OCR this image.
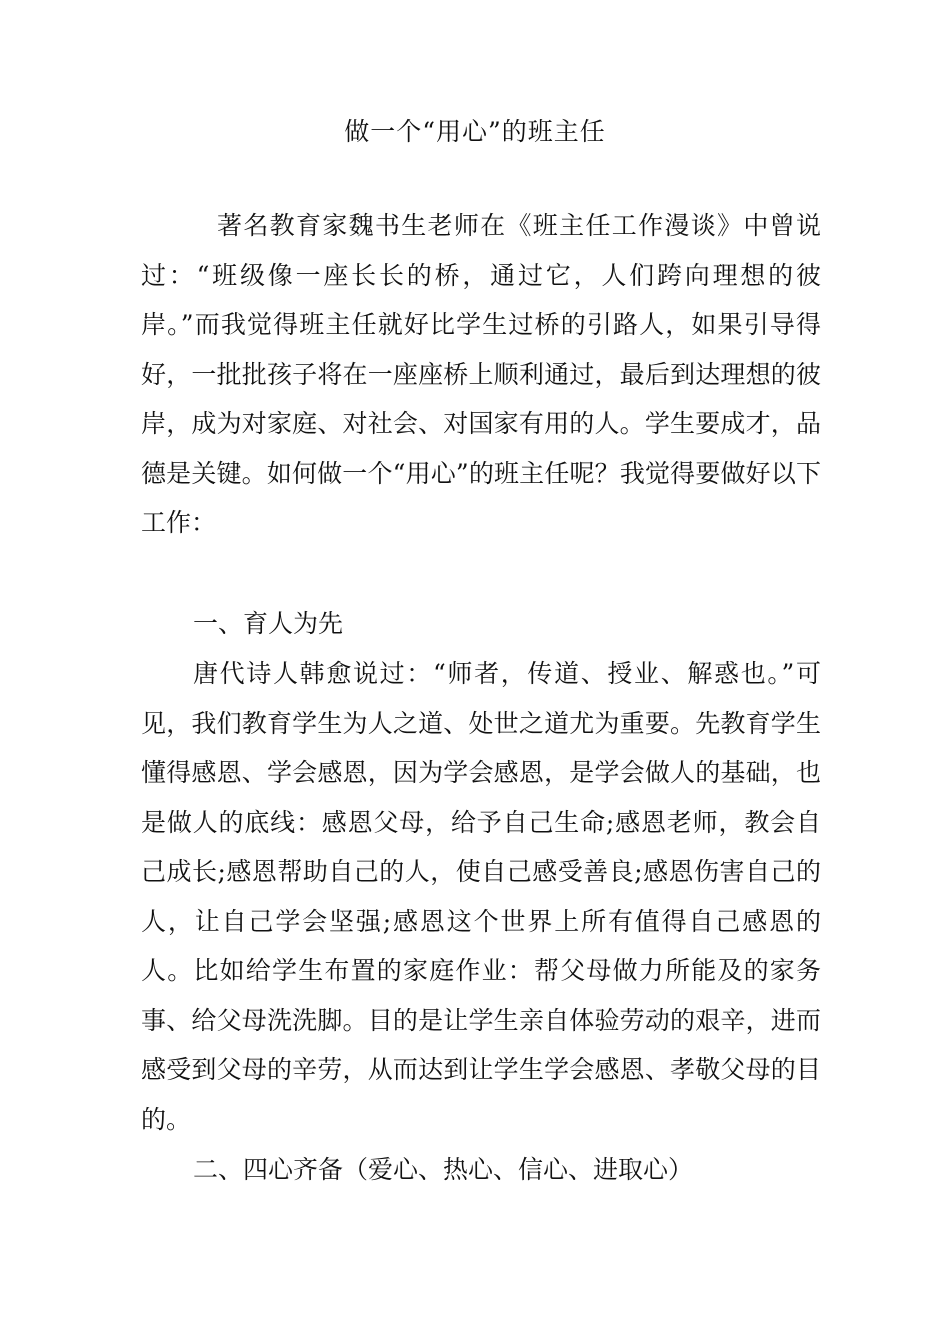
做一个“用心”的班主任

著名教育家魏书生老师在《班主任工作漫谈》中曾说过：“班级像一座长长的桥，通过它，人们跨向理想的彼岸。”而我觉得班主任就好比学生过桥的引路人，如果引导得好，一批批孩子将在一座座桥上顺利通过，最后到达理想的彼岸，成为对家庭、对社会、对国家有用的人。学生要成才，品德是关键。如何做一个“用心”的班主任呢？我觉得要做好以下工作：

一、育人为先

唐代诗人韩愈说过：“师者，传道、授业、解惑也。”可见，我们教育学生为人之道、处世之道尤为重要。先教育学生懂得感恩、学会感恩，因为学会感恩，是学会做人的基础，也是做人的底线：感恩父母，给予自己生命;感恩老师，教会自己成长;感恩帮助自己的人，使自己感受善良;感恩伤害自己的人，让自己学会坚强;感恩这个世界上所有值得自己感恩的人。比如给学生布置的家庭作业：帮父母做力所能及的家务事、给父母洗洗脚。目的是让学生亲自体验劳动的艰辛，进而感受到父母的辛劳，从而达到让学生学会感恩、孝敬父母的目的。

二、四心齐备（爱心、热心、信心、进取心）
